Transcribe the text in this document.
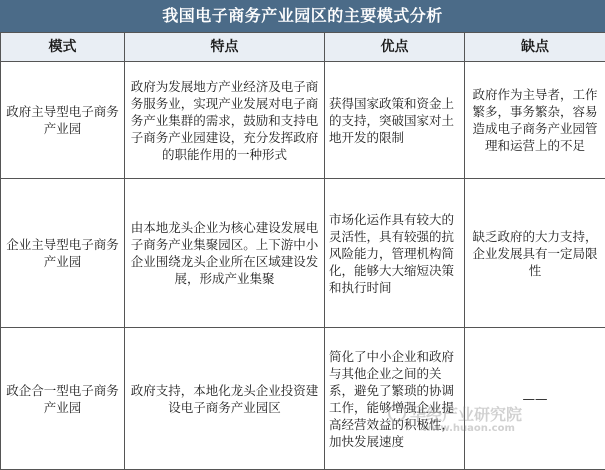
我国电子商务产业园区的主要模式分析
模式	特点	优点	缺点
政府主导型电子商务产业园	政府为发展地方产业经济及电子商务服务业，实现产业发展对电子商务产业集群的需求，鼓励和支持电子商务产业园建设，充分发挥政府的职能作用的一种形式	获得国家政策和资金上的支持，突破国家对土地开发的限制	政府作为主导者，工作繁多，事务繁杂，容易造成电子商务产业园管理和运营上的不足
企业主导型电子商务产业园	由本地龙头企业为核心建设发展电子商务产业集聚园区。上下游中小企业围绕龙头企业所在区域建设发展，形成产业集聚	市场化运作具有较大的灵活性，具有较强的抗风险能力，管理机构简化，能够大大缩短决策和执行时间	缺乏政府的大力支持，企业发展具有一定局限性
政企合一型电子商务产业园	政府支持，本地化龙头企业投资建设电子商务产业园区	简化了中小企业和政府与其他企业之间的关系，避免了繁琐的协调工作，能够增强企业提高经营效益的积极性，加快发展速度	——
华经产业研究院
www.huaon.com
